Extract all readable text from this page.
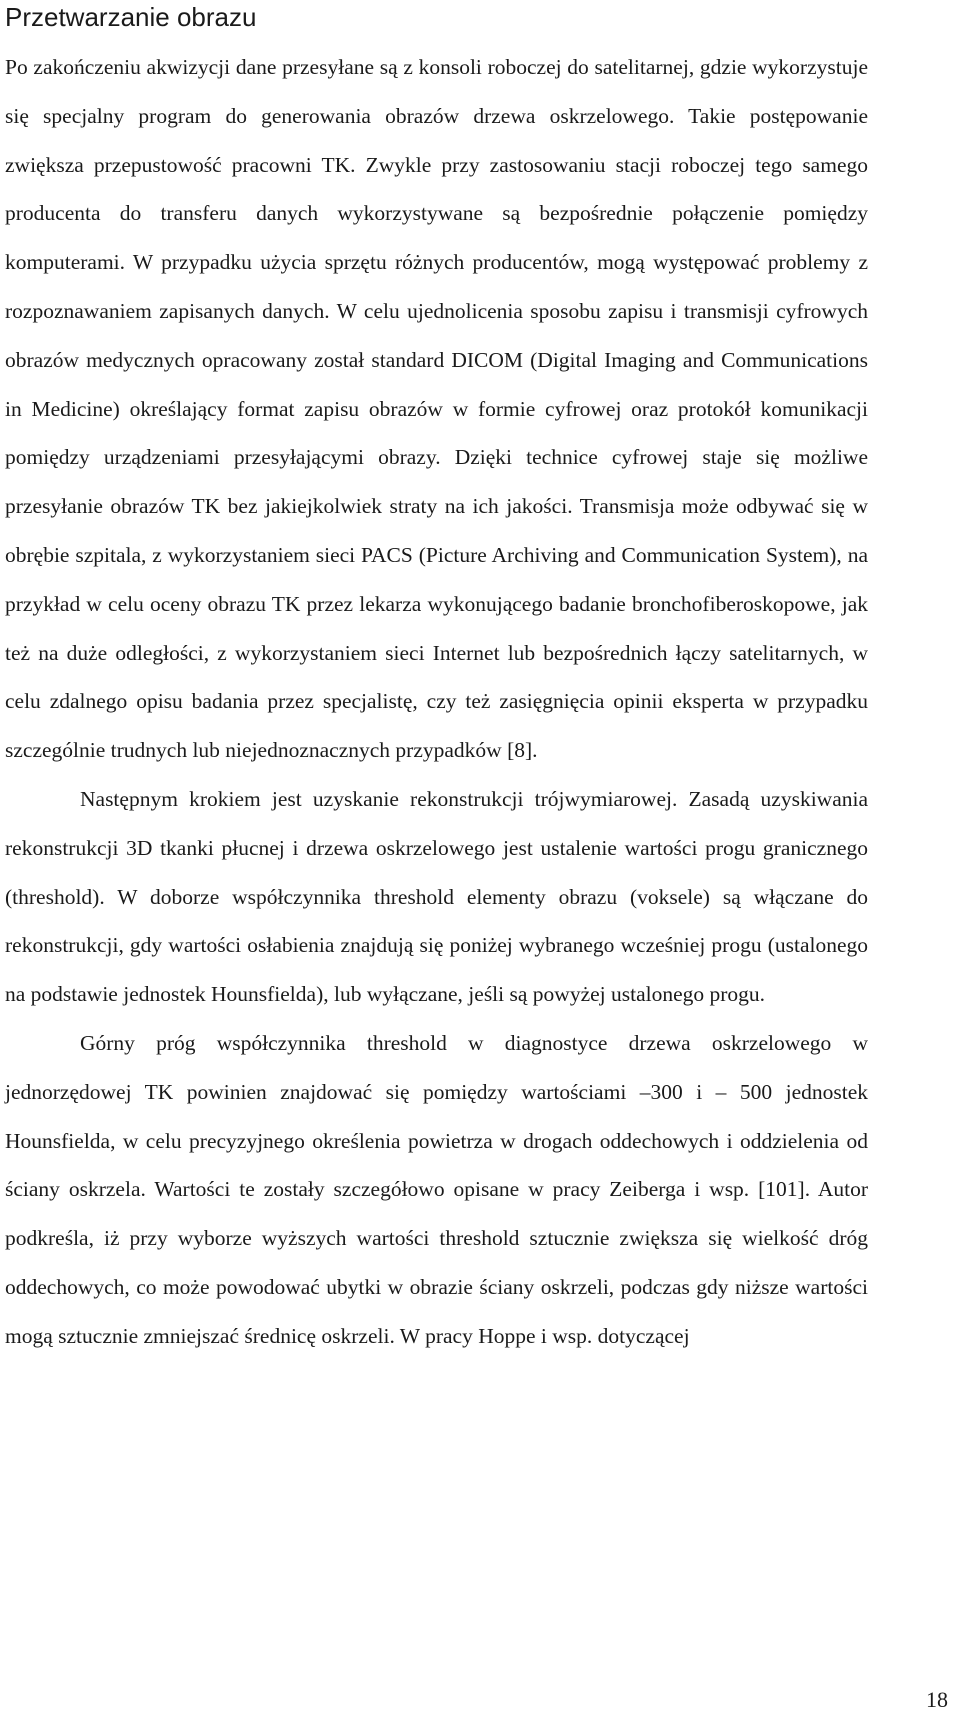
Przetwarzanie obrazu

Po zakończeniu akwizycji dane przesyłane są z konsoli roboczej do satelitarnej, gdzie wykorzystuje się specjalny program do generowania obrazów drzewa oskrzelowego. Takie postępowanie zwiększa przepustowość pracowni TK. Zwykle przy zastosowaniu stacji roboczej tego samego producenta do transferu danych wykorzystywane są bezpośrednie połączenie pomiędzy komputerami. W przypadku użycia sprzętu różnych producentów, mogą występować problemy z rozpoznawaniem zapisanych danych. W celu ujednolicenia sposobu zapisu i transmisji cyfrowych obrazów medycznych opracowany został standard DICOM (Digital Imaging and Communications in Medicine) określający format zapisu obrazów w formie cyfrowej oraz protokół komunikacji pomiędzy urządzeniami przesyłającymi obrazy. Dzięki technice cyfrowej staje się możliwe przesyłanie obrazów TK bez jakiejkolwiek straty na ich jakości. Transmisja może odbywać się w obrębie szpitala, z wykorzystaniem sieci PACS (Picture Archiving and Communication System), na przykład w celu oceny obrazu TK przez lekarza wykonującego badanie bronchofiberoskopowe, jak też na duże odległości, z wykorzystaniem sieci Internet lub bezpośrednich łączy satelitarnych, w celu zdalnego opisu badania przez specjalistę, czy też zasięgnięcia opinii eksperta w przypadku szczególnie trudnych lub niejednoznacznych przypadków [8].

Następnym krokiem jest uzyskanie rekonstrukcji trójwymiarowej. Zasadą uzyskiwania rekonstrukcji 3D tkanki płucnej i drzewa oskrzelowego jest ustalenie wartości progu granicznego (threshold). W doborze współczynnika threshold elementy obrazu (voksele) są włączane do rekonstrukcji, gdy wartości osłabienia znajdują się poniżej wybranego wcześniej progu (ustalonego na podstawie jednostek Hounsfielda), lub wyłączane, jeśli są powyżej ustalonego progu.

Górny próg współczynnika threshold w diagnostyce drzewa oskrzelowego w jednorzędowej TK powinien znajdować się pomiędzy wartościami –300 i – 500 jednostek Hounsfielda, w celu precyzyjnego określenia powietrza w drogach oddechowych i oddzielenia od ściany oskrzela. Wartości te zostały szczegółowo opisane w pracy Zeiberga i wsp. [101]. Autor podkreśla, iż przy wyborze wyższych wartości threshold sztucznie zwiększa się wielkość dróg oddechowych, co może powodować ubytki w obrazie ściany oskrzeli, podczas gdy niższe wartości mogą sztucznie zmniejszać średnicę oskrzeli. W pracy Hoppe i wsp. dotyczącej

18
